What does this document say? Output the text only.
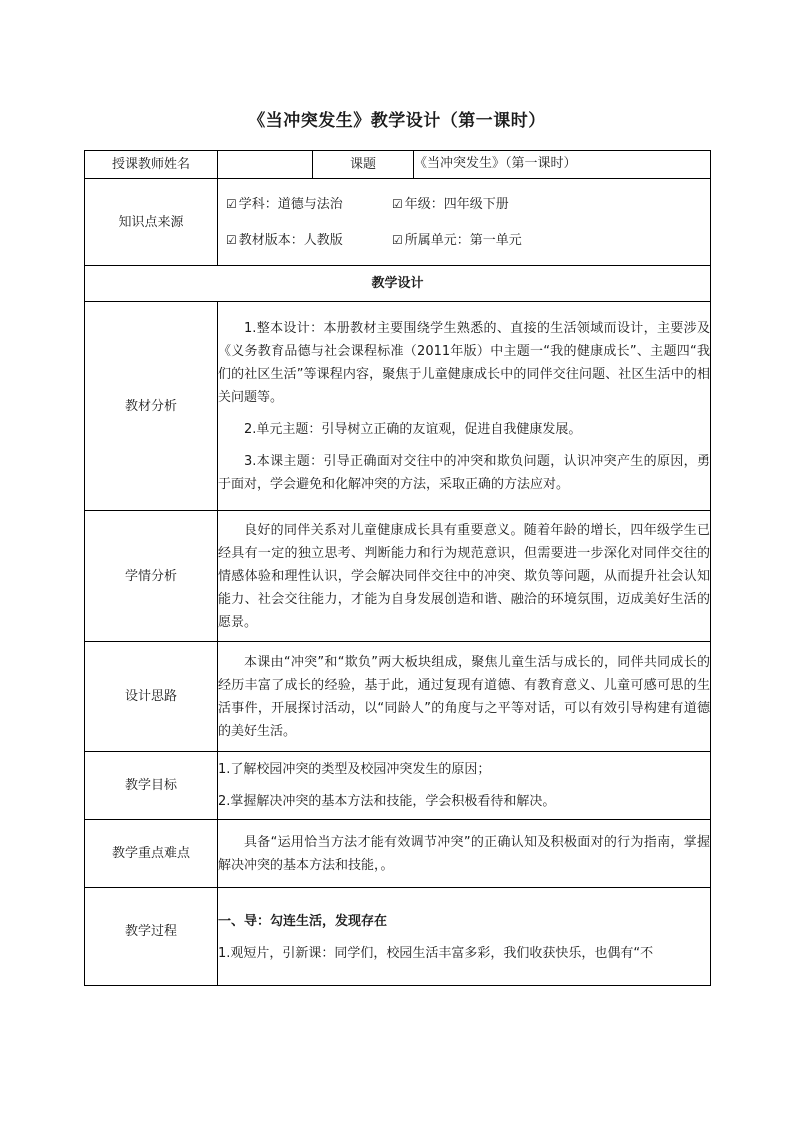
《当冲突发生》教学设计（第一课时）
授课教师姓名		课题	《当冲突发生》（第一课时）
知识点来源	☑ 学科：道德与法治 ☑ 年级：四年级下册
☑ 教材版本：人教版 ☑ 所属单元：第一单元		

教学设计			
教材分析	1.整本设计：本册教材主要围绕学生熟悉的、直接的生活领域而设计，主要涉及《义务教育品德与社会课程标准（2011年版）中主题一“我的健康成长”、主题四“我们的社区生活”等课程内容，聚焦于儿童健康成长中的同伴交往问题、社区生活中的相关问题等。

2.单元主题：引导树立正确的友谊观，促进自我健康发展。

3.本课主题：引导正确面对交往中的冲突和欺负问题，认识冲突产生的原因，勇于面对，学会避免和化解冲突的方法，采取正确的方法应对。		

学情分析	良好的同伴关系对儿童健康成长具有重要意义。随着年龄的增长，四年级学生已经具有一定的独立思考、判断能力和行为规范意识，但需要进一步深化对同伴交往的情感体验和理性认识，学会解决同伴交往中的冲突、欺负等问题，从而提升社会认知能力、社会交往能力，才能为自身发展创造和谐、融洽的环境氛围，迈成美好生活的愿景。		

设计思路	本课由“冲突”和“欺负”两大板块组成，聚焦儿童生活与成长的，同伴共同成长的经历丰富了成长的经验，基于此，通过复现有道德、有教育意义、儿童可感可思的生活事件，开展探讨活动，以“同龄人”的角度与之平等对话，可以有效引导构建有道德的美好生活。		

教学目标	1.了解校园冲突的类型及校园冲突发生的原因；

2.掌握解决冲突的基本方法和技能，学会积极看待和解决。		

教学重点难点	具备“运用恰当方法才能有效调节冲突”的正确认知及积极面对的行为指南，掌握解决冲突的基本方法和技能，。		

教学过程	一、导：勾连生活，发现存在

1.观短片，引新课：同学们，校园生活丰富多彩，我们收获快乐，也偶有“不		
